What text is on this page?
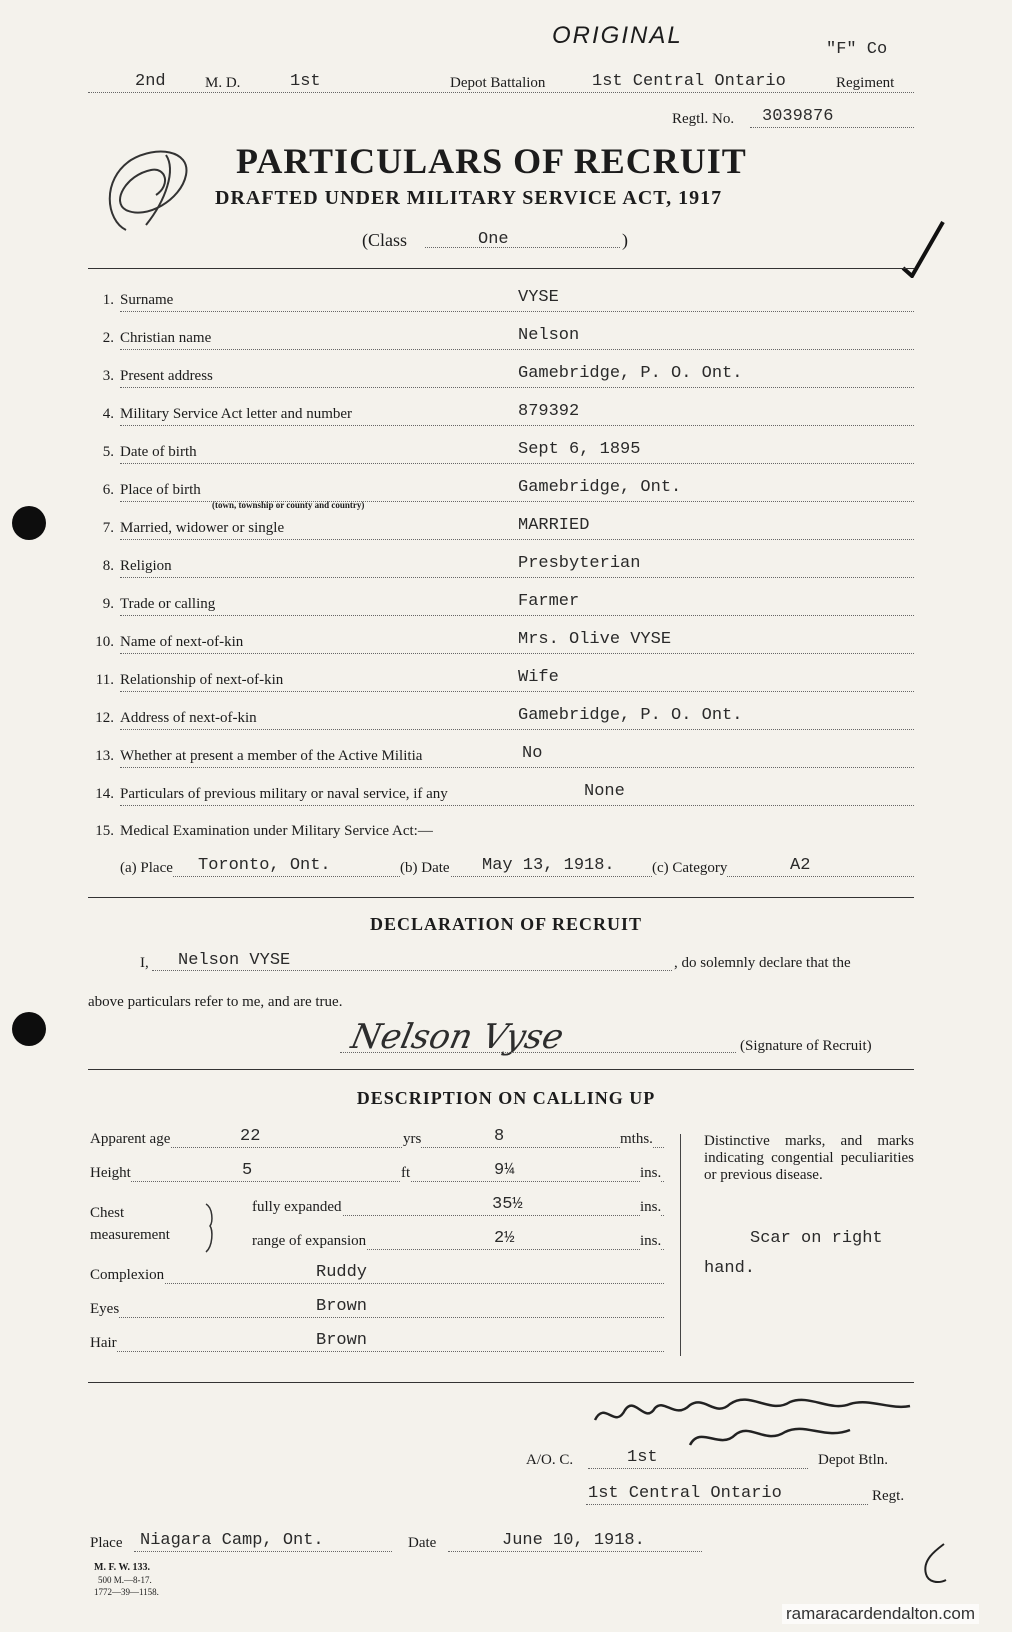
ORIGINAL
"F" Co
2nd	M. D.	1st	Depot Battalion	1st Central Ontario	Regiment
Regtl. No. 3039876
PARTICULARS OF RECRUIT
DRAFTED UNDER MILITARY SERVICE ACT, 1917
(Class	One	)
1. Surname	VYSE
2. Christian name	Nelson
3. Present address	Gamebridge, P. O. Ont.
4. Military Service Act letter and number	879392
5. Date of birth	Sept 6, 1895
6. Place of birth	Gamebridge, Ont.
(town, township or county and country)
7. Married, widower or single	MARRIED
8. Religion	Presbyterian
9. Trade or calling	Farmer
10. Name of next-of-kin	Mrs. Olive VYSE
11. Relationship of next-of-kin	Wife
12. Address of next-of-kin	Gamebridge, P. O. Ont.
13. Whether at present a member of the Active Militia	No
14. Particulars of previous military or naval service, if any	None
15. Medical Examination under Military Service Act:—
(a) Place Toronto, Ont.	(b) Date May 13, 1918. (c) Category	A2
DECLARATION OF RECRUIT
I, Nelson VYSE	, do solemnly declare that the
above particulars refer to me, and are true.
Nelson Vyse	(Signature of Recruit)
DESCRIPTION ON CALLING UP
Apparent age	22	yrs	8	mths.
Height	5	ft	9¼	ins.
Chest
measurement
fully expanded	35½	ins.
range of expansion	2½	ins.
Complexion	Ruddy
Eyes	Brown
Hair	Brown
Distinctive marks, and marks indicating congential peculiarities or previous disease.
Scar on right hand.
A/O. C.	1st	Depot Btln.
1st Central Ontario	Regt.
Place Niagara Camp, Ont.	Date	June 10, 1918.
M. F. W. 133.
500 M.—8-17.
1772—39—1158.
ramaracardendalton.com
